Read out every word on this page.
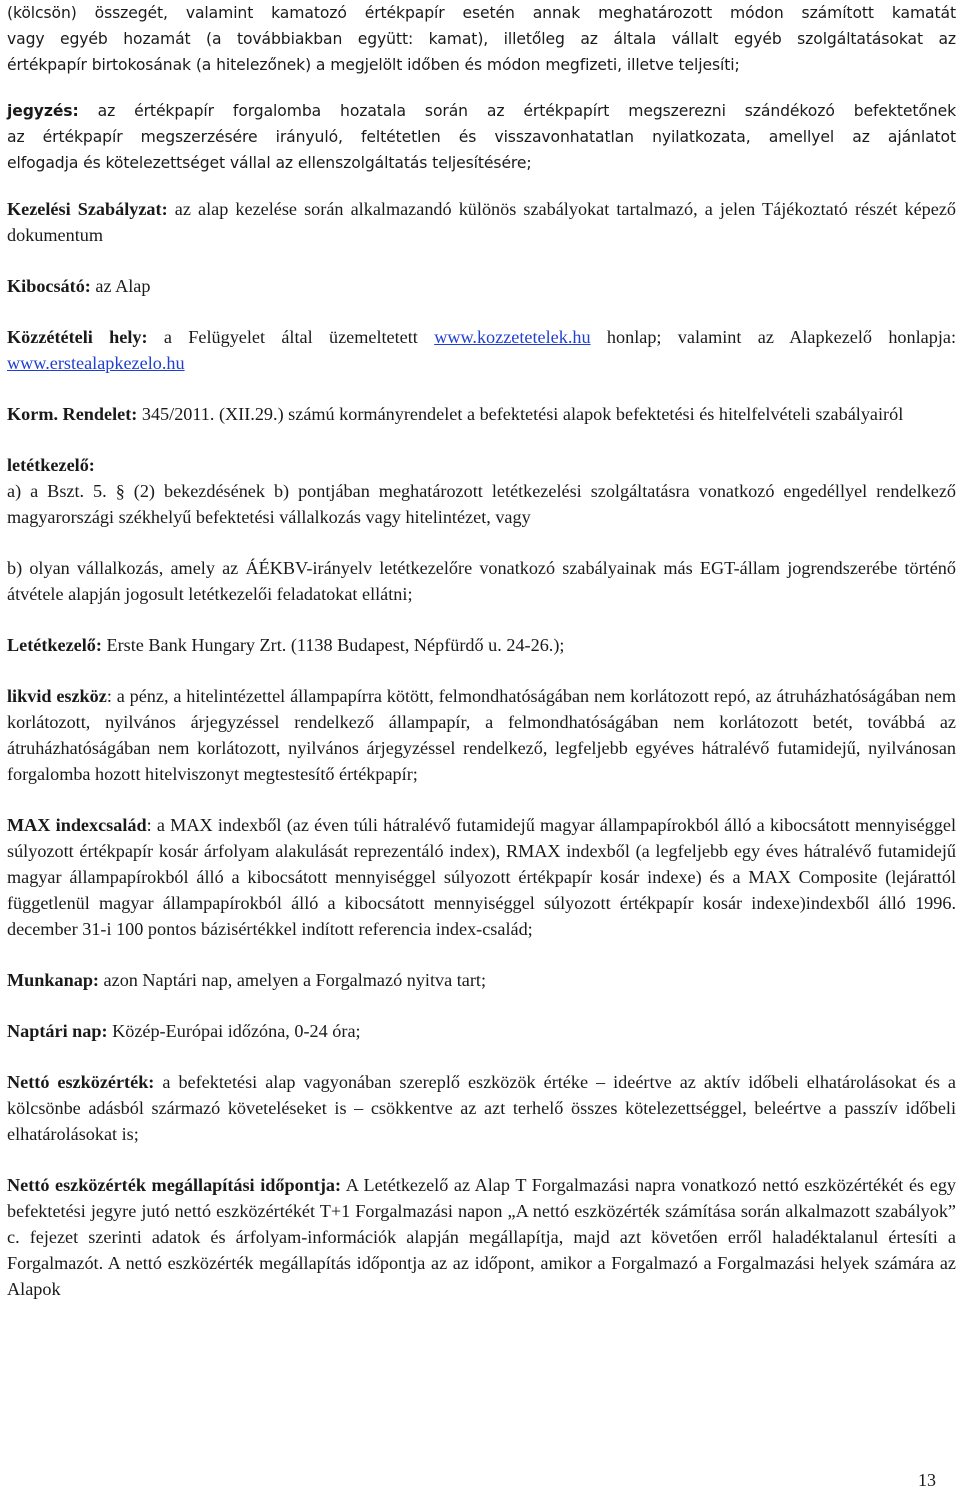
(kölcsön) összegét, valamint kamatozó értékpapír esetén annak meghatározott módon számított kamatát
vagy egyéb hozamát (a továbbiakban együtt: kamat), illetőleg az általa vállalt egyéb szolgáltatásokat az
értékpapír birtokosának (a hitelezőnek) a megjelölt időben és módon megfizeti, illetve teljesíti;
jegyzés: az értékpapír forgalomba hozatala során az értékpapírt megszerezni szándékozó befektetőnek
az értékpapír megszerzésére irányuló, feltétetlen és visszavonhatatlan nyilatkozata, amellyel az ajánlatot
elfogadja és kötelezettséget vállal az ellenszolgáltatás teljesítésére;

Kezelési Szabályzat: az alap kezelése során alkalmazandó különös szabályokat tartalmazó, a jelen Tájékoztató részét képező dokumentum

Kibocsátó: az Alap

Közzétételi hely: a Felügyelet által üzemeltetett www.kozzetetelek.hu honlap; valamint az Alapkezelő honlapja: www.erstealapkezelo.hu

Korm. Rendelet: 345/2011. (XII.29.) számú kormányrendelet a befektetési alapok befektetési és hitelfelvételi szabályairól

letétkezelő:

a) a Bszt. 5. § (2) bekezdésének b) pontjában meghatározott letétkezelési szolgáltatásra vonatkozó engedéllyel rendelkező magyarországi székhelyű befektetési vállalkozás vagy hitelintézet, vagy

b) olyan vállalkozás, amely az ÁÉKBV-irányelv letétkezelőre vonatkozó szabályainak más EGT-állam jogrendszerébe történő átvétele alapján jogosult letétkezelői feladatokat ellátni;

Letétkezelő: Erste Bank Hungary Zrt. (1138 Budapest, Népfürdő u. 24-26.);

likvid eszköz: a pénz, a hitelintézettel állampapírra kötött, felmondhatóságában nem korlátozott repó, az átruházhatóságában nem korlátozott, nyilvános árjegyzéssel rendelkező állampapír, a felmondhatóságában nem korlátozott betét, továbbá az átruházhatóságában nem korlátozott, nyilvános árjegyzéssel rendelkező, legfeljebb egyéves hátralévő futamidejű, nyilvánosan forgalomba hozott hitelviszonyt megtestesítő értékpapír;

MAX indexcsalád: a MAX indexből (az éven túli hátralévő futamidejű magyar állampapírokból álló a kibocsátott mennyiséggel súlyozott értékpapír kosár árfolyam alakulását reprezentáló index), RMAX indexből (a legfeljebb egy éves hátralévő futamidejű magyar állampapírokból álló a kibocsátott mennyiséggel súlyozott értékpapír kosár indexe) és a MAX Composite (lejárattól függetlenül magyar állampapírokból álló a kibocsátott mennyiséggel súlyozott értékpapír kosár indexe)indexből álló 1996. december 31-i 100 pontos bázisértékkel indított referencia index-család;

Munkanap: azon Naptári nap, amelyen a Forgalmazó nyitva tart;

Naptári nap: Közép-Európai időzóna, 0-24 óra;

Nettó eszközérték: a befektetési alap vagyonában szereplő eszközök értéke – ideértve az aktív időbeli elhatárolásokat és a kölcsönbe adásból származó követeléseket is – csökkentve az azt terhelő összes kötelezettséggel, beleértve a passzív időbeli elhatárolásokat is;

Nettó eszközérték megállapítási időpontja: A Letétkezelő az Alap T Forgalmazási napra vonatkozó nettó eszközértékét és egy befektetési jegyre jutó nettó eszközértékét T+1 Forgalmazási napon „A nettó eszközérték számítása során alkalmazott szabályok” c. fejezet szerinti adatok és árfolyam-információk alapján megállapítja, majd azt követően erről haladéktalanul értesíti a Forgalmazót. A nettó eszközérték megállapítás időpontja az az időpont, amikor a Forgalmazó a Forgalmazási helyek számára az Alapok

13
